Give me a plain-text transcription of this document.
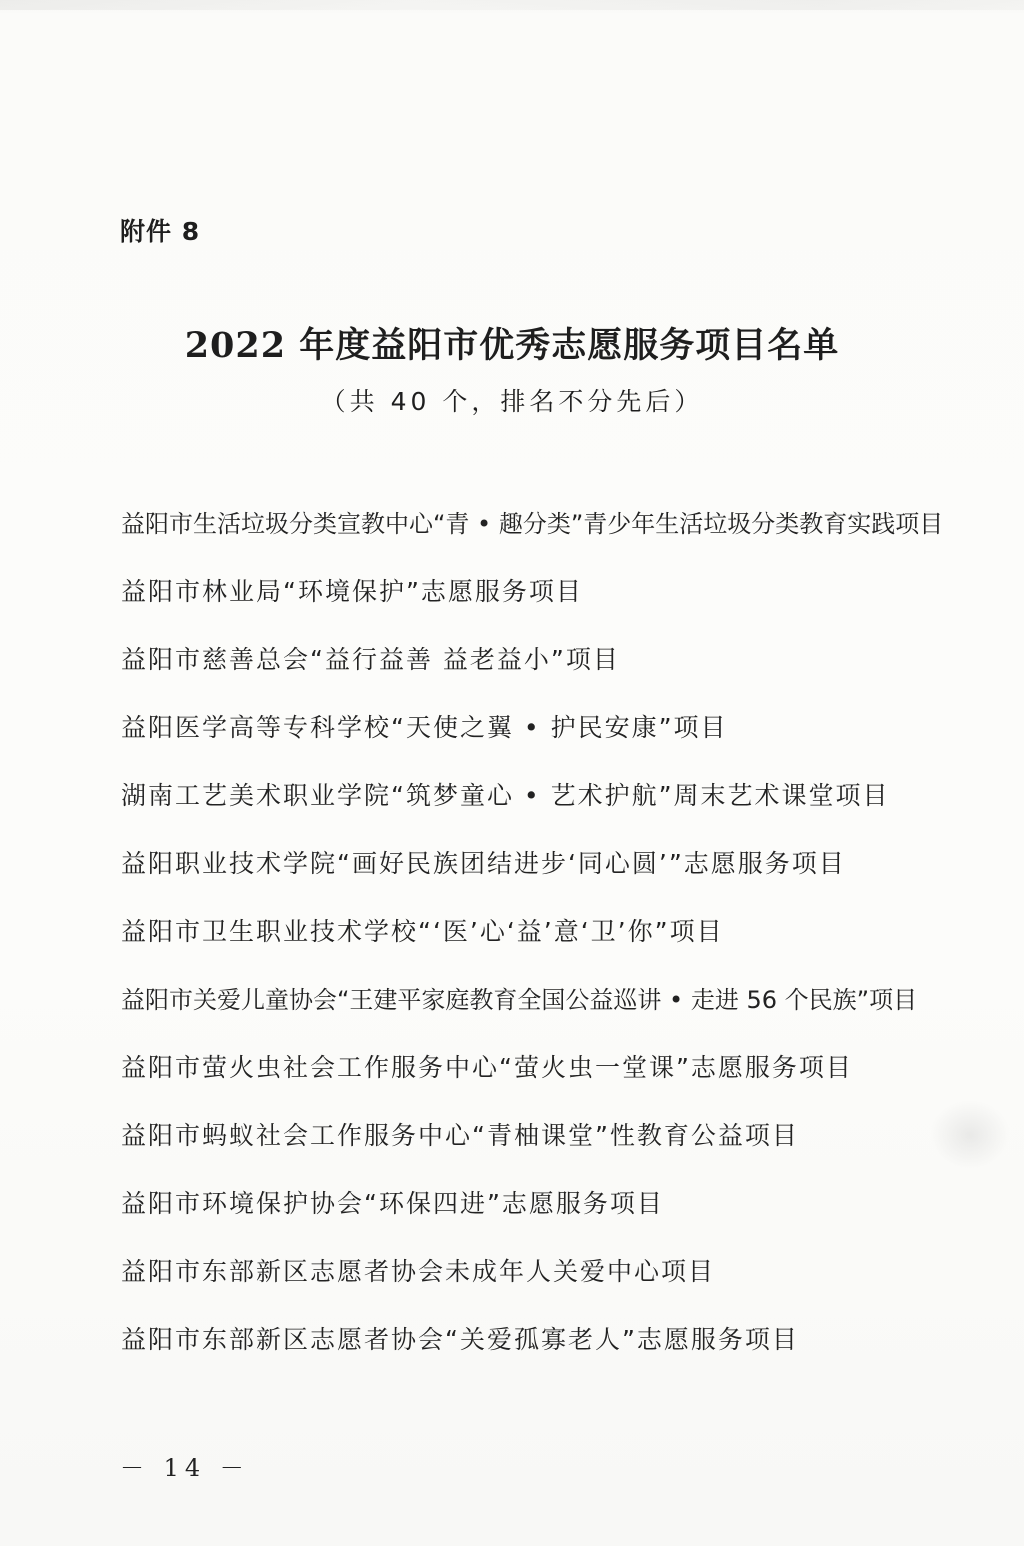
附件 8
2022 年度益阳市优秀志愿服务项目名单
（共 40 个，排名不分先后）
益阳市生活垃圾分类宣教中心“青 • 趣分类”青少年生活垃圾分类教育实践项目
益阳市林业局“环境保护”志愿服务项目
益阳市慈善总会“益行益善 益老益小”项目
益阳医学高等专科学校“天使之翼 • 护民安康”项目
湖南工艺美术职业学院“筑梦童心 • 艺术护航”周末艺术课堂项目
益阳职业技术学院“画好民族团结进步‘同心圆’”志愿服务项目
益阳市卫生职业技术学校“‘医’心‘益’意‘卫’你”项目
益阳市关爱儿童协会“王建平家庭教育全国公益巡讲 • 走进 56 个民族”项目
益阳市萤火虫社会工作服务中心“萤火虫一堂课”志愿服务项目
益阳市蚂蚁社会工作服务中心“青柚课堂”性教育公益项目
益阳市环境保护协会“环保四进”志愿服务项目
益阳市东部新区志愿者协会未成年人关爱中心项目
益阳市东部新区志愿者协会“关爱孤寡老人”志愿服务项目
－ 14 －
